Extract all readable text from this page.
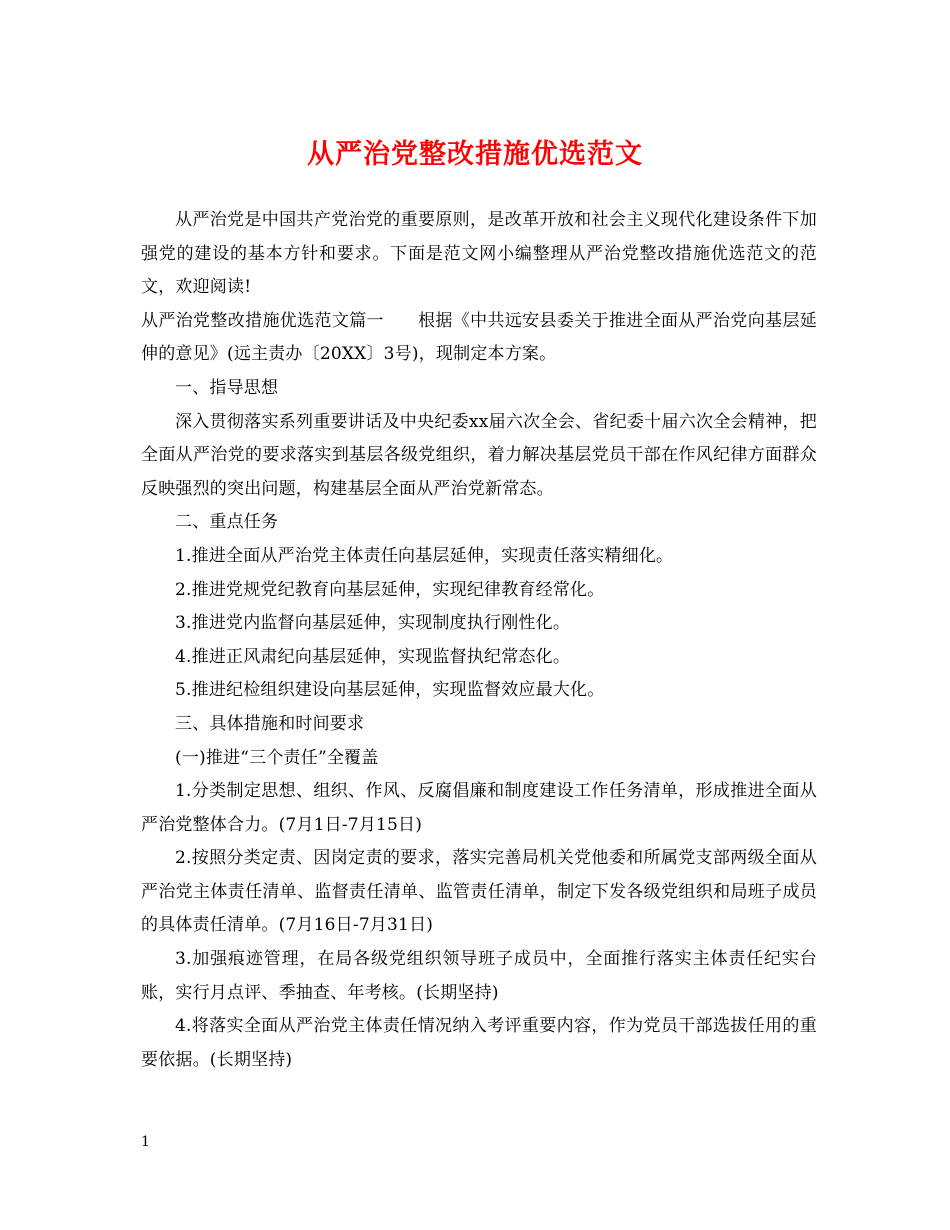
从严治党整改措施优选范文

从严治党是中国共产党治党的重要原则，是改革开放和社会主义现代化建设条件下加强党的建设的基本方针和要求。下面是范文网小编整理从严治党整改措施优选范文的范文，欢迎阅读!

从严治党整改措施优选范文篇一 根据《中共远安县委关于推进全面从严治党向基层延伸的意见》(远主责办〔20XX〕3号)，现制定本方案。

一、指导思想

深入贯彻落实系列重要讲话及中央纪委xx届六次全会、省纪委十届六次全会精神，把全面从严治党的要求落实到基层各级党组织，着力解决基层党员干部在作风纪律方面群众反映强烈的突出问题，构建基层全面从严治党新常态。

二、重点任务

1.推进全面从严治党主体责任向基层延伸，实现责任落实精细化。

2.推进党规党纪教育向基层延伸，实现纪律教育经常化。

3.推进党内监督向基层延伸，实现制度执行刚性化。

4.推进正风肃纪向基层延伸，实现监督执纪常态化。

5.推进纪检组织建设向基层延伸，实现监督效应最大化。

三、具体措施和时间要求

(一)推进“三个责任”全覆盖

1.分类制定思想、组织、作风、反腐倡廉和制度建设工作任务清单，形成推进全面从严治党整体合力。(7月1日-7月15日)

2.按照分类定责、因岗定责的要求，落实完善局机关党他委和所属党支部两级全面从严治党主体责任清单、监督责任清单、监管责任清单，制定下发各级党组织和局班子成员的具体责任清单。(7月16日-7月31日)

3.加强痕迹管理，在局各级党组织领导班子成员中，全面推行落实主体责任纪实台账，实行月点评、季抽查、年考核。(长期坚持)

4.将落实全面从严治党主体责任情况纳入考评重要内容，作为党员干部选拔任用的重要依据。(长期坚持)

1
